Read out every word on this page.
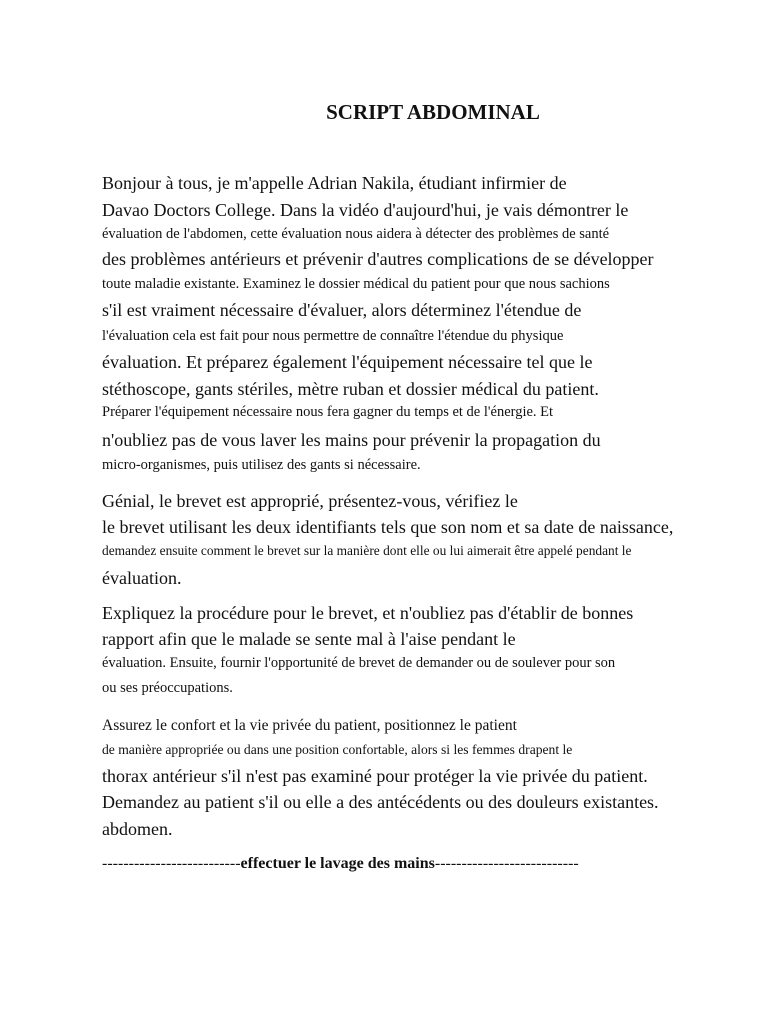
SCRIPT ABDOMINAL
Bonjour à tous, je m'appelle Adrian Nakila, étudiant infirmier de
Davao Doctors College. Dans la vidéo d'aujourd'hui, je vais démontrer le
évaluation de l'abdomen, cette évaluation nous aidera à détecter des problèmes de santé
des problèmes antérieurs et prévenir d'autres complications de se développer
toute maladie existante. Examinez le dossier médical du patient pour que nous sachions
s'il est vraiment nécessaire d'évaluer, alors déterminez l'étendue de
l'évaluation cela est fait pour nous permettre de connaître l'étendue du physique
évaluation. Et préparez également l'équipement nécessaire tel que le
stéthoscope, gants stériles, mètre ruban et dossier médical du patient.
Préparer l'équipement nécessaire nous fera gagner du temps et de l'énergie. Et
n'oubliez pas de vous laver les mains pour prévenir la propagation du
micro-organismes, puis utilisez des gants si nécessaire.
Génial, le brevet est approprié, présentez-vous, vérifiez le
le brevet utilisant les deux identifiants tels que son nom et sa date de naissance,
demandez ensuite comment le brevet sur la manière dont elle ou lui aimerait être appelé pendant le
évaluation.
Expliquez la procédure pour le brevet, et n'oubliez pas d'établir de bonnes
rapport afin que le malade se sente mal à l'aise pendant le
évaluation. Ensuite, fournir l'opportunité de brevet de demander ou de soulever pour son
ou ses préoccupations.
Assurez le confort et la vie privée du patient, positionnez le patient
de manière appropriée ou dans une position confortable, alors si les femmes drapent le
thorax antérieur s'il n'est pas examiné pour protéger la vie privée du patient.
Demandez au patient s'il ou elle a des antécédents ou des douleurs existantes.
abdomen.
--------------------------effectuer le lavage des mains---------------------------
